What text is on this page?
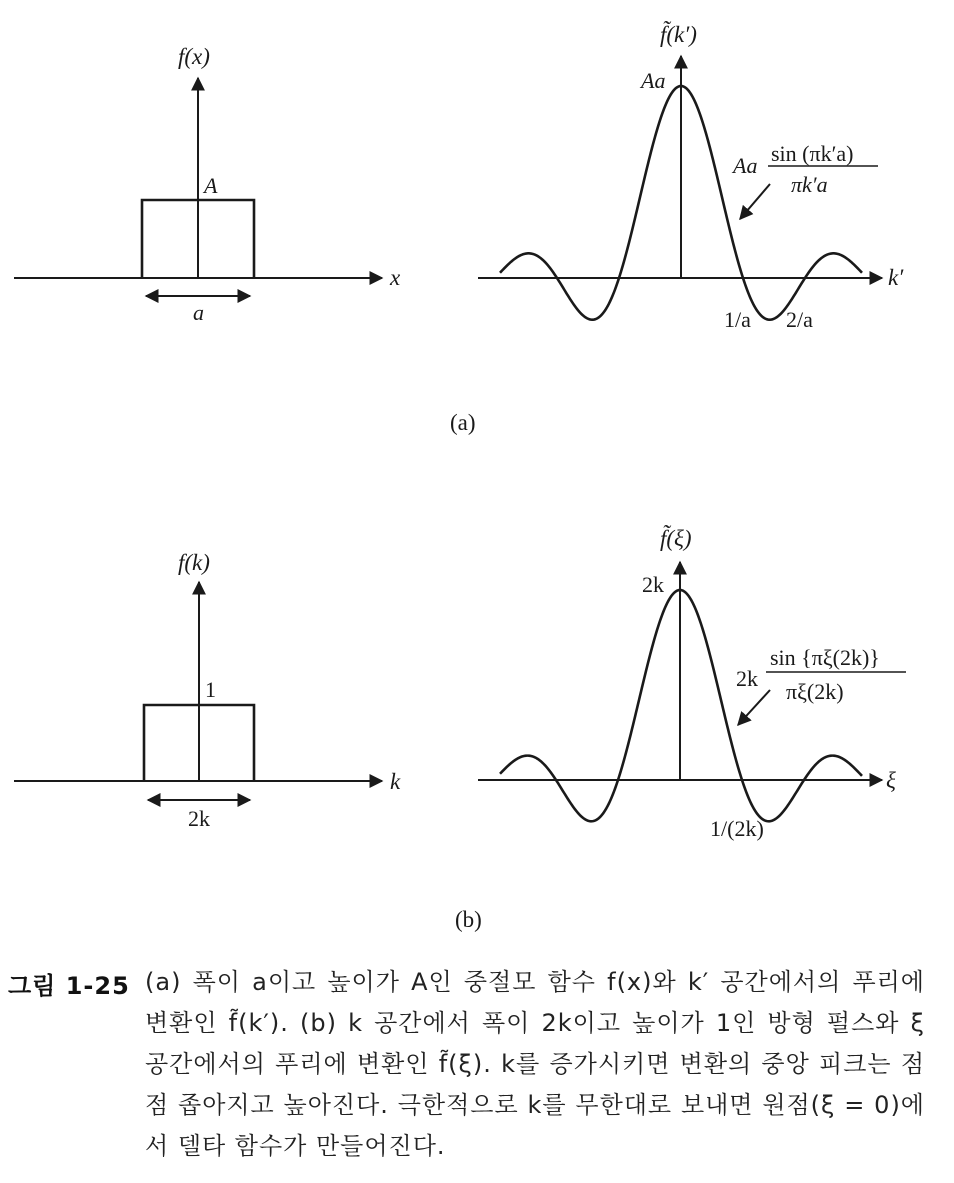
f(x)
x
A
a
f̃(k′)
k′
Aa
Aa sin (πk′a)
πk′a
1/a 2/a
(a)
f(k)
k
1
2k
f̃(ξ)
ξ
2k
2k
sin {πξ(2k)}
πξ(2k)
1/(2k)
(b)
그림 1-25 (a) 폭이 a이고 높이가 A인 중절모 함수 f(x)와 k′ 공간에서의 푸리에 변환인 f̃(k′). (b) k 공간에서 폭이 2k이고 높이가 1인 방형 펄스와 ξ 공간에서의 푸리에 변환인 f̃(ξ). k를 증가시키면 변환의 중앙 피크는 점점 좁아지고 높아진다. 극한적으로 k를 무한대로 보내면 원점(ξ = 0)에서 델타 함수가 만들어진다.
